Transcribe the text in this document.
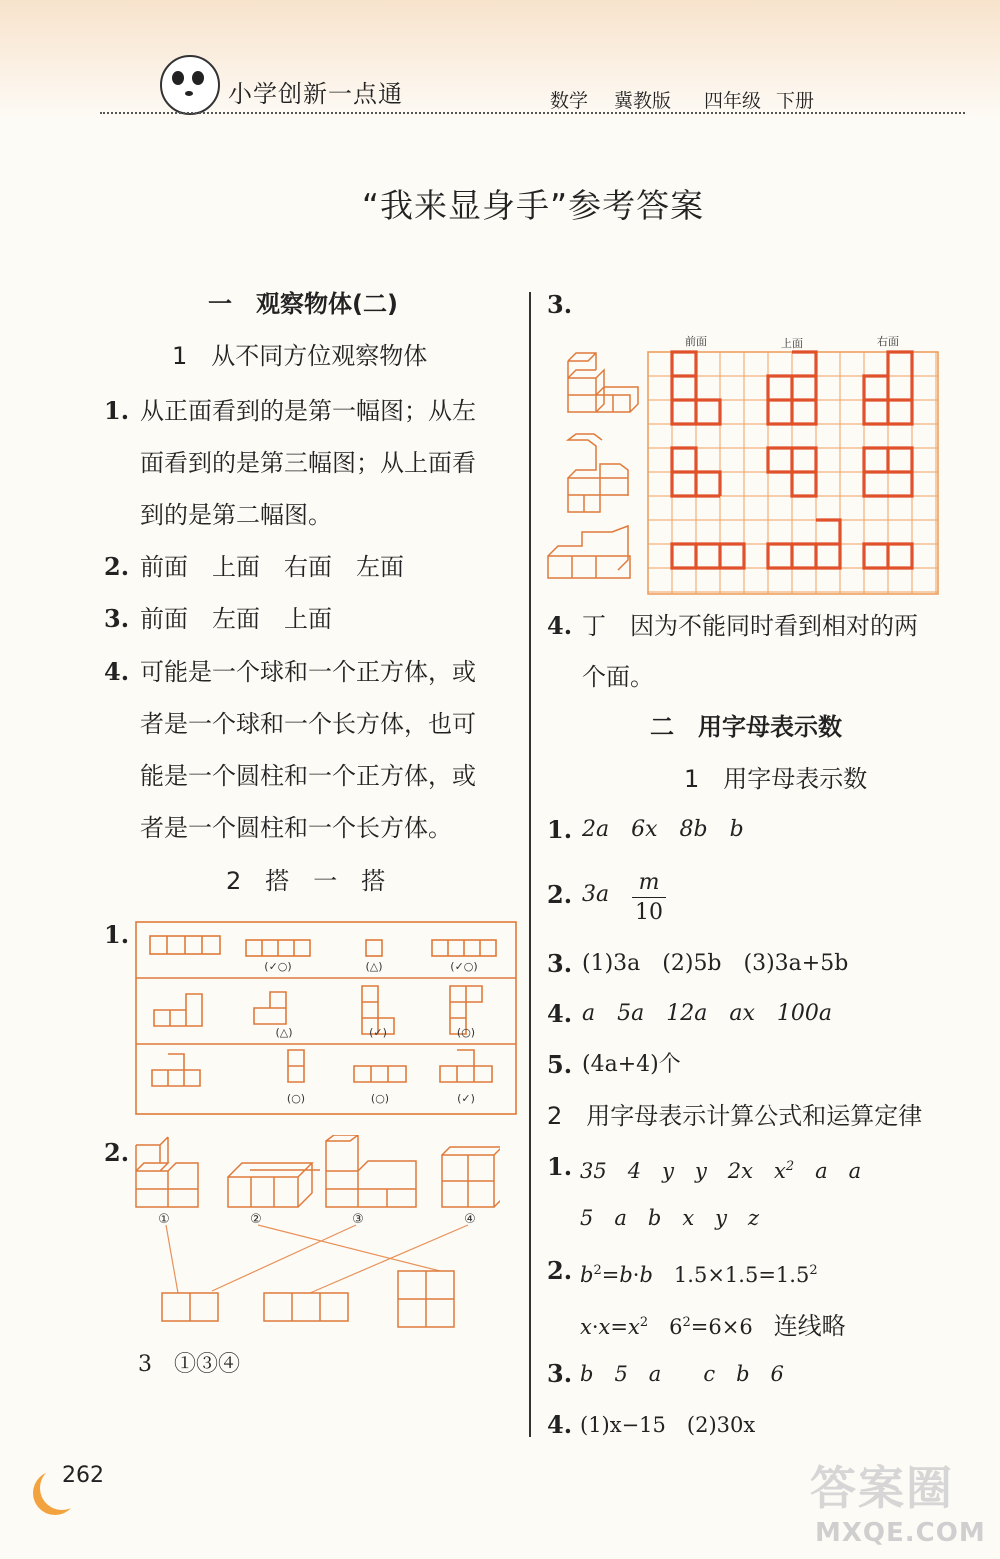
小学创新一点通	数学 冀教版 四年级 下册
“我来显身手”参考答案
一　观察物体(二)
1　从不同方位观察物体
1. 从正面看到的是第一幅图；从左
面看到的是第三幅图；从上面看
到的是第二幅图。
2. 前面　上面　右面　左面
3. 前面　左面　上面
4. 可能是一个球和一个正方体，或
者是一个球和一个长方体，也可
能是一个圆柱和一个正方体，或
者是一个圆柱和一个长方体。
2　搭　一　搭
1.
(✓○)	(△)	(✓○)
(△)	(✓)	(○)
(○)	(○)	(✓)
2.
①	②	③	④
3　①③④
3.
前面	上面	右面
4. 丁　因为不能同时看到相对的两
个面。
二　用字母表示数
1　用字母表示数
1. 2a　6x　8b　b
2. 3a m
10
3. (1)3a　(2)5b　(3)3a+5b
4. a　5a　12a　ax　100a
5. (4a+4)个
2　用字母表示计算公式和运算定律
1. 35　4　y　y　2x　$x^2$　a　a
5　a　b　x　y　z
2. $b^2=b\cdot b$　$1.5\times 1.5=1.5^2$
$x\cdot x=x^2$　$6^2=6\times 6$　连线略
3. b　5　a　　c　b　6
4. (1)x−15　(2)30x
262	答案圈
MXQE.COM
